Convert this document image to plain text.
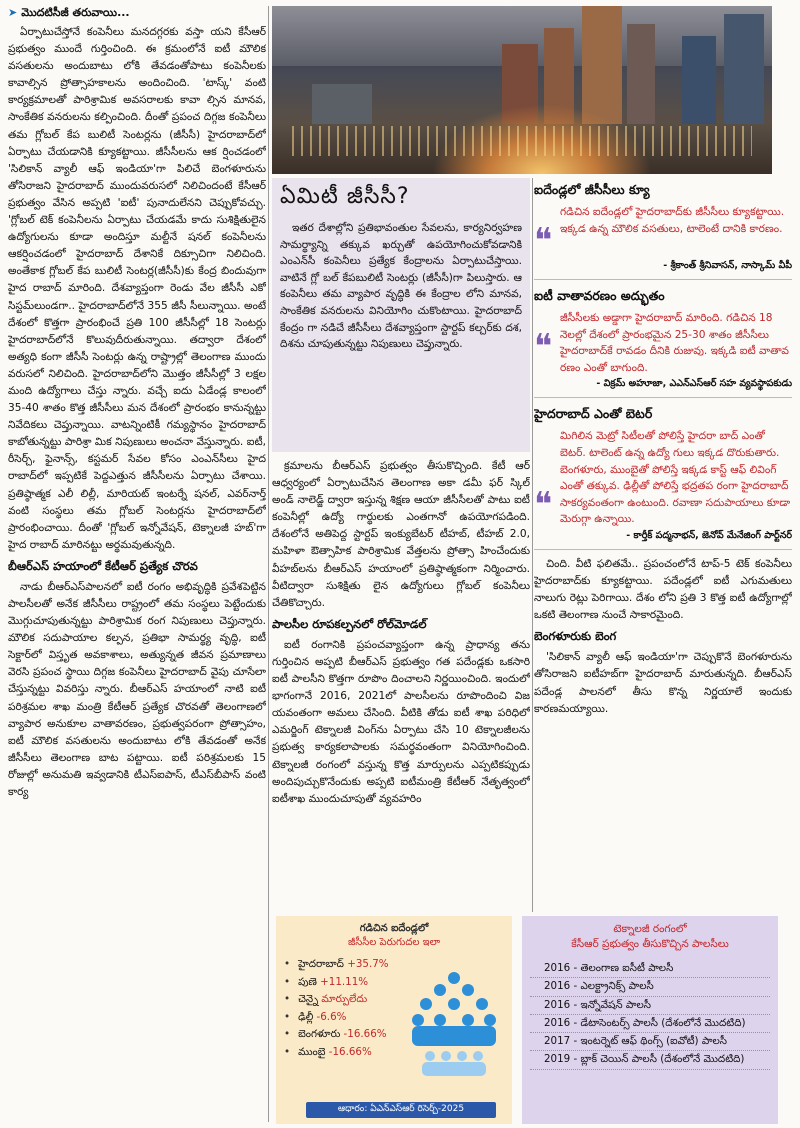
➤ మొదటిసీజీ తరువాయి...

ఏర్పాటుచేస్తోనే కంపెనీలు మనదగ్గరకు వస్తా యని కేసీఆర్ ప్రభుత్వం ముందే గుర్తించింది. ఈ క్రమంలోనే ఐటీ మౌలిక వసతులను అందుబాటు లోకి తేవడంతోపాటు కంపెనీలకు కావాల్సిన ప్రోత్సాహకాలను అందించింది. 'టాస్క్' వంటి కార్యక్రమాలతో పారిశ్రామిక అవసరాలకు కావా ల్సిన మానవ, సాంకేతిక వనరులను కల్పించింది. దీంతో ప్రపంచ దిగ్గజ కంపెనీలు తమ గ్లోబల్ కేప బులిటీ సెంటర్లను (జీసీసీ) హైదరాబాద్‌లో ఏర్పాటు చేయడానికి క్యూకట్టాయి. జీసీసీలను ఆక ర్షించడంలో 'సిలికాన్ వ్యాలీ ఆఫ్ ఇండియా'గా పిలిచే బెంగళూరును తోసిరాజని హైదరాబాద్ ముందువరుసలో నిలిచిందంటే కేసీఆర్ ప్రభుత్వం వేసిన అప్పటి 'ఐటీ' పునాదులేనని చెప్పుకోవచ్చు. 'గ్లోబల్ టెక్ కంపెనీలను ఏర్పాటు చేయడమే కాదు సుశిక్షితులైన ఉద్యోగులను కూడా అందిస్తూ మల్టీనే షనల్ కంపెనీలను ఆకర్షించడంలో హైదరాబాద్ దేశానికే దిక్సూచిగా నిలిచింది. అంతేకాక గ్లోబల్ కేప బులిటీ సెంటర్ల(జీసీసీ)కు కేంద్ర బిందువుగా హైద రాబాద్ మారింది. దేశవ్యాప్తంగా రెండు వేల జీసీసీ ఎకో సిస్టమ్‌లుండగా.. హైదరాబాద్‌లోనే 355 జీసీ సీలున్నాయి. అంటే దేశంలో కొత్తగా ప్రారంభించే ప్రతి 100 జీసీసీల్లో 18 సెంటర్లు హైదరాబాద్‌లోనే కొలువుదీరుతున్నాయి. తద్వారా దేశంలో అత్యధి కంగా జీసీసీ సెంటర్లు ఉన్న రాష్ట్రాల్లో తెలంగాణ ముందు వరుసలో నిలిచింది. హైదరాబాద్‌లోని మొత్తం జీసీసీల్లో 3 లక్షల మంది ఉద్యోగాలు చేస్తు న్నారు. వచ్చే ఐదు ఏడేండ్ల కాలంలో 35-40 శాతం కొత్త జీసీసీలు మన దేశంలో ప్రారంభం కానున్నట్టు నివేదికలు చెప్తున్నాయి. వాటన్నింటికీ గమ్యస్థానం హైదరాబాద్ కాబోతున్నట్టు పారిశ్రా మిక నిపుణులు అంచనా వేస్తున్నారు. ఐటీ, రీసెర్చ్, ఫైనాన్స్, కస్టమర్ సేవల కోసం ఎంఎన్‌సీలు హైద రాబాద్‌లో ఇప్పటికే పెద్దఎత్తున జీసీసీలను ఏర్పాటు చేశాయి. ప్రతిష్ఠాత్మక ఎలీ లిల్లీ, మారియట్ ఇంటర్నే షనల్, ఎవర్‌నార్త్ వంటి సంస్థలు తమ గ్లోబల్ సెంటర్లను హైదరాబాద్‌లో ప్రారంభించాయి. దీంతో 'గ్లోబల్ ఇన్నోవేషన్, టెక్నాలజీ హబ్‌'గా హైద రాబాద్ మారినట్టు అర్థమవుతున్నది.

బీఆర్‌ఎస్ హయాంలో కేటీఆర్ ప్రత్యేక చొరవ

నాడు బీఆర్‌ఎస్‌పాలనలో ఐటీ రంగం అభివృద్ధికి ప్రవేశపెట్టిన పాలసీలతో అనేక జీసీసీలు రాష్ట్రంలో తమ సంస్థలు పెట్టేందుకు మొగ్గుచూపుతున్నట్టు పారిశ్రామిక రంగ నిపుణులు చెప్తున్నారు. మౌలిక సదుపాయాల కల్పన, ప్రతిభా సామర్థ్య వృద్ధి, ఐటీ సెక్టార్‌లో విస్తృత అవకాశాలు, అత్యున్నత జీవన ప్రమాణాలు వెరసి ప్రపంచ స్థాయి దిగ్గజ కంపెనీలు హైదరాబాద్ వైపు చూసేలా చేస్తున్నట్టు వివరిస్తు న్నారు. బీఆర్‌ఎస్ హయాంలో నాటి ఐటీ పరిశ్రమల శాఖ మంత్రి కేటీఆర్ ప్రత్యేక చొరవతో తెలంగాణలో వ్యాపార అనుకూల వాతావరణం, ప్రభుత్వపరంగా ప్రోత్సాహం, ఐటీ మౌలిక వసతులను అందుబాటు లోకి తేవడంతో అనేక జీసీసీలు తెలంగాణ బాట పట్టాయి. ఐటీ పరిశ్రమలకు 15 రోజుల్లో అనుమతి ఇవ్వడానికి టీఎస్‌ఐపాస్, టీఎస్‌బీపాస్ వంటి కార్య

ఏమిటీ జీసీసీ?

ఇతర దేశాల్లోని ప్రతిభావంతుల సేవలను, కార్యనిర్వహణ సామర్థ్యాన్ని తక్కువ ఖర్చుతో ఉపయోగించుకోవడానికి ఎంఎన్‌సీ కంపెనీలు ప్రత్యేక కేంద్రాలను ఏర్పాటుచేస్తాయి. వాటినే గ్లో బల్ కేపబులిటీ సెంటర్లు (జీసీసీ)గా పిలుస్తారు. ఆ కంపెనీలు తమ వ్యాపార వృద్ధికి ఈ కేంద్రాల లోని మానవ, సాంకేతిక వనరులను వినియోగిం చుకొంటాయి. హైదరాబాద్ కేంద్రం గా నడిచే జీసీసీలు దేశవ్యాప్తంగా స్టార్టప్ కల్చర్‌కు దశ, దిశను చూపుతున్నట్టు నిపుణులు చెప్తున్నారు.

క్రమాలను బీఆర్‌ఎస్ ప్రభుత్వం తీసుకొచ్చింది. కేటీ ఆర్ ఆధ్వర్యంలో ఏర్పాటుచేసిన తెలంగాణ అకా డమీ ఫర్ స్కిల్ అండ్ నాలెడ్జ్ ద్వారా ఇస్తున్న శిక్షణ ఆయా జీసీసీలతో పాటు ఐటీ కంపెనీల్లో ఉద్యో గార్థులకు ఎంతగానో ఉపయోగపడింది. దేశంలోనే అతిపెద్ద స్టార్టప్ ఇంక్యుబేటర్ టీహబ్, టీహబ్ 2.0, మహిళా ఔత్సాహిక పారిశ్రామిక వేత్తలను ప్రోత్సా హించేందుకు వీహబ్‌లను బీఆర్‌ఎస్ హయాంలో ప్రతిష్ఠాత్మకంగా నిర్మించారు. వీటిద్వారా సుశిక్షితు లైన ఉద్యోగులు గ్లోబల్ కంపెనీలు చేతికొచ్చారు.

పాలసీల రూపకల్పనలో రోల్‌మోడల్

ఐటీ రంగానికి ప్రపంచవ్యాప్తంగా ఉన్న ప్రాధాన్య తను గుర్తించిన అప్పటి బీఆర్‌ఎస్ ప్రభుత్వం గత పదేండ్లకు ఒకసారి ఐటీ పాలసీని కొత్తగా రూపొం దించాలని నిర్ణయించింది. ఇందులో భాగంగానే 2016, 2021లో పాలసీలను రూపొందించి విజ యవంతంగా అమలు చేసింది. వీటికి తోడు ఐటీ శాఖ పరిధిలో ఎమర్జింగ్ టెక్నాలజీ వింగ్‌ను ఏర్పాటు చేసి 10 టెక్నాలజీలను ప్రభుత్వ కార్యకలాపాలకు సమర్థవంతంగా వినియోగించింది. టెక్నాలజీ రంగంలో వస్తున్న కొత్త మార్పులను ఎప్పటికప్పుడు అందిపుచ్చుకొనేందుకు అప్పటి ఐటీమంత్రి కేటీఆర్ నేతృత్వంలో ఐటీశాఖ ముందుచూపుతో వ్యవహరిం

ఐదేండ్లలో జీసీసీలు క్యూ
❝
గడిచిన ఐదేండ్లలో హైదరాబాద్‌కు జీసీసీలు క్యూకట్టాయి. ఇక్కడ ఉన్న మౌలిక వసతులు, టాలెంటే దానికి కారణం.
- శ్రీకాంత్ శ్రీనివాసన్, నాస్కామ్ వీపీ
ఐటీ వాతావరణం అద్భుతం
❝
జీసీసీలకు అడ్డాగా హైదరాబాద్ మారింది. గడిచిన 18 నెలల్లో దేశంలో ప్రారంభమైన 25-30 శాతం జీసీసీలు హైదరాబాద్‌కే రావడం దీనికి రుజువు. ఇక్కడి ఐటీ వాతావ రణం ఎంతో బాగుంది.
- విక్రమ్ అహూజా, ఎఎన్‌ఎస్ఆర్ సహ వ్యవస్థాపకుడు
హైదరాబాద్ ఎంతో బెటర్
❝
మిగిలిన మెట్రో సిటీలతో పోలిస్తే హైదరా బాద్ ఎంతో బెటర్. టాలెంట్ ఉన్న ఉద్యో గులు ఇక్కడ దొరుకుతారు. బెంగళూరు, ముంబైతో పోలిస్తే ఇక్కడ కాస్ట్ ఆఫ్ లివింగ్ ఎంతో తక్కువ. ఢిల్లీతో పోలిస్తే భద్రతప రంగా హైదరాబాద్ సాకర్యవంతంగా ఉంటుంది. రవాణా సదుపాయాలు కూడా మెరుగ్గా ఉన్నాయి.
- కార్తీక్ పద్మనాభన్, జెనోవ్ మేనేజింగ్ పార్ట్‌నర్

చింది. వీటి ఫలితమే.. ప్రపంచంలోనే టాప్-5 టెక్ కంపెనీలు హైదరాబాద్‌కు క్యూకట్టాయి. పదేండ్లలో ఐటీ ఎగుమతులు నాలుగు రెట్లు పెరిగాయి. దేశం లోని ప్రతి 3 కొత్త ఐటీ ఉద్యోగాల్లో ఒకటి తెలంగాణ నుంచే సాకారమైంది.

బెంగళూరుకు బెంగ

'సిలికాన్ వ్యాలీ ఆఫ్ ఇండియా'గా చెప్పుకొనే బెంగళూరును తోసిరాజని ఐటీహబ్‌గా హైదరాబాద్ మారుతున్నది. బీఆర్‌ఎస్ పదేండ్ల పాలనలో తీసు కొన్న నిర్ణయాలే ఇందుకు కారణమయ్యాయి.

గడిచిన ఐదేండ్లలో
జీసీసీల పెరుగుదల ఇలా
• హైదరాబాద్ +35.7%
• పుణె +11.11%
• చెన్నై మార్పులేదు
• ఢిల్లీ -6.6%
• బెంగళూరు -16.66%
• ముంబై -16.66%
ఆధారం: ఏఎన్‌ఎస్ఆర్ రిసెర్చ్-2025
టెక్నాలజీ రంగంలో
కేసీఆర్ ప్రభుత్వం తీసుకొచ్చిన పాలసీలు
2016 - తెలంగాణ ఐసీటీ పాలసీ
2016 - ఎలక్ట్రానిక్స్ పాలసీ
2016 - ఇన్నోవేషన్ పాలసీ
2016 - డేటాసెంటర్స్ పాలసీ (దేశంలోనే మొదటిది)
2017 - ఇంటర్నెట్ ఆఫ్ థింగ్స్ (ఐవోటీ) పాలసీ
2019 - బ్లాక్ చెయిన్ పాలసీ (దేశంలోనే మొదటిది)
